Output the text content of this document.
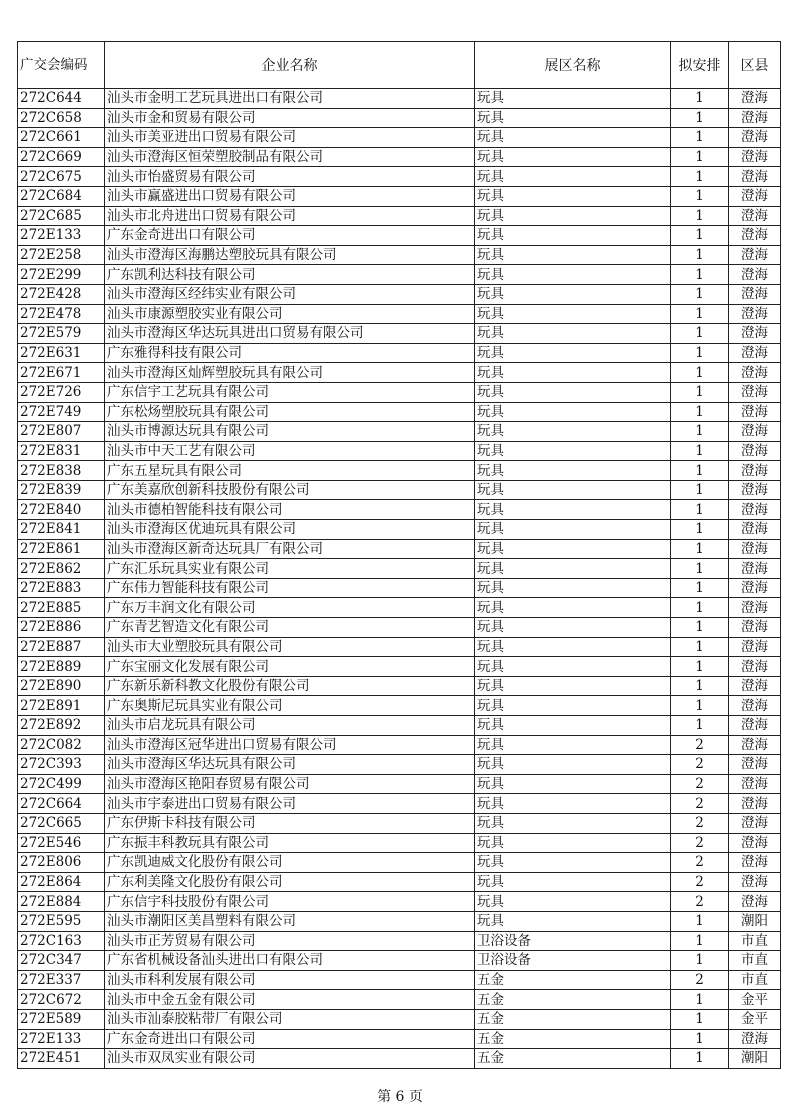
广交会编码	企业名称	展区名称	拟安排	区县
272C644	汕头市金明工艺玩具进出口有限公司	玩具	1	澄海
272C658	汕头市金和贸易有限公司	玩具	1	澄海
272C661	汕头市美亚进出口贸易有限公司	玩具	1	澄海
272C669	汕头市澄海区恒荣塑胶制品有限公司	玩具	1	澄海
272C675	汕头市怡盛贸易有限公司	玩具	1	澄海
272C684	汕头市赢盛进出口贸易有限公司	玩具	1	澄海
272C685	汕头市北舟进出口贸易有限公司	玩具	1	澄海
272E133	广东金奇进出口有限公司	玩具	1	澄海
272E258	汕头市澄海区海鹏达塑胶玩具有限公司	玩具	1	澄海
272E299	广东凯利达科技有限公司	玩具	1	澄海
272E428	汕头市澄海区经纬实业有限公司	玩具	1	澄海
272E478	汕头市康源塑胶实业有限公司	玩具	1	澄海
272E579	汕头市澄海区华达玩具进出口贸易有限公司	玩具	1	澄海
272E631	广东雅得科技有限公司	玩具	1	澄海
272E671	汕头市澄海区灿辉塑胶玩具有限公司	玩具	1	澄海
272E726	广东信宇工艺玩具有限公司	玩具	1	澄海
272E749	广东松炀塑胶玩具有限公司	玩具	1	澄海
272E807	汕头市博源达玩具有限公司	玩具	1	澄海
272E831	汕头市中天工艺有限公司	玩具	1	澄海
272E838	广东五星玩具有限公司	玩具	1	澄海
272E839	广东美嘉欣创新科技股份有限公司	玩具	1	澄海
272E840	汕头市德柏智能科技有限公司	玩具	1	澄海
272E841	汕头市澄海区优迪玩具有限公司	玩具	1	澄海
272E861	汕头市澄海区新奇达玩具厂有限公司	玩具	1	澄海
272E862	广东汇乐玩具实业有限公司	玩具	1	澄海
272E883	广东伟力智能科技有限公司	玩具	1	澄海
272E885	广东万丰润文化有限公司	玩具	1	澄海
272E886	广东青艺智造文化有限公司	玩具	1	澄海
272E887	汕头市大业塑胶玩具有限公司	玩具	1	澄海
272E889	广东宝丽文化发展有限公司	玩具	1	澄海
272E890	广东新乐新科教文化股份有限公司	玩具	1	澄海
272E891	广东奥斯尼玩具实业有限公司	玩具	1	澄海
272E892	汕头市启龙玩具有限公司	玩具	1	澄海
272C082	汕头市澄海区冠华进出口贸易有限公司	玩具	2	澄海
272C393	汕头市澄海区华达玩具有限公司	玩具	2	澄海
272C499	汕头市澄海区艳阳春贸易有限公司	玩具	2	澄海
272C664	汕头市宇泰进出口贸易有限公司	玩具	2	澄海
272C665	广东伊斯卡科技有限公司	玩具	2	澄海
272E546	广东振丰科教玩具有限公司	玩具	2	澄海
272E806	广东凯迪威文化股份有限公司	玩具	2	澄海
272E864	广东利美隆文化股份有限公司	玩具	2	澄海
272E884	广东信宇科技股份有限公司	玩具	2	澄海
272E595	汕头市潮阳区美昌塑料有限公司	玩具	1	潮阳
272C163	汕头市正芳贸易有限公司	卫浴设备	1	市直
272C347	广东省机械设备汕头进出口有限公司	卫浴设备	1	市直
272E337	汕头市科利发展有限公司	五金	2	市直
272C672	汕头市中金五金有限公司	五金	1	金平
272E589	汕头市汕泰胶粘带厂有限公司	五金	1	金平
272E133	广东金奇进出口有限公司	五金	1	澄海
272E451	汕头市双凤实业有限公司	五金	1	潮阳
第 6 页
